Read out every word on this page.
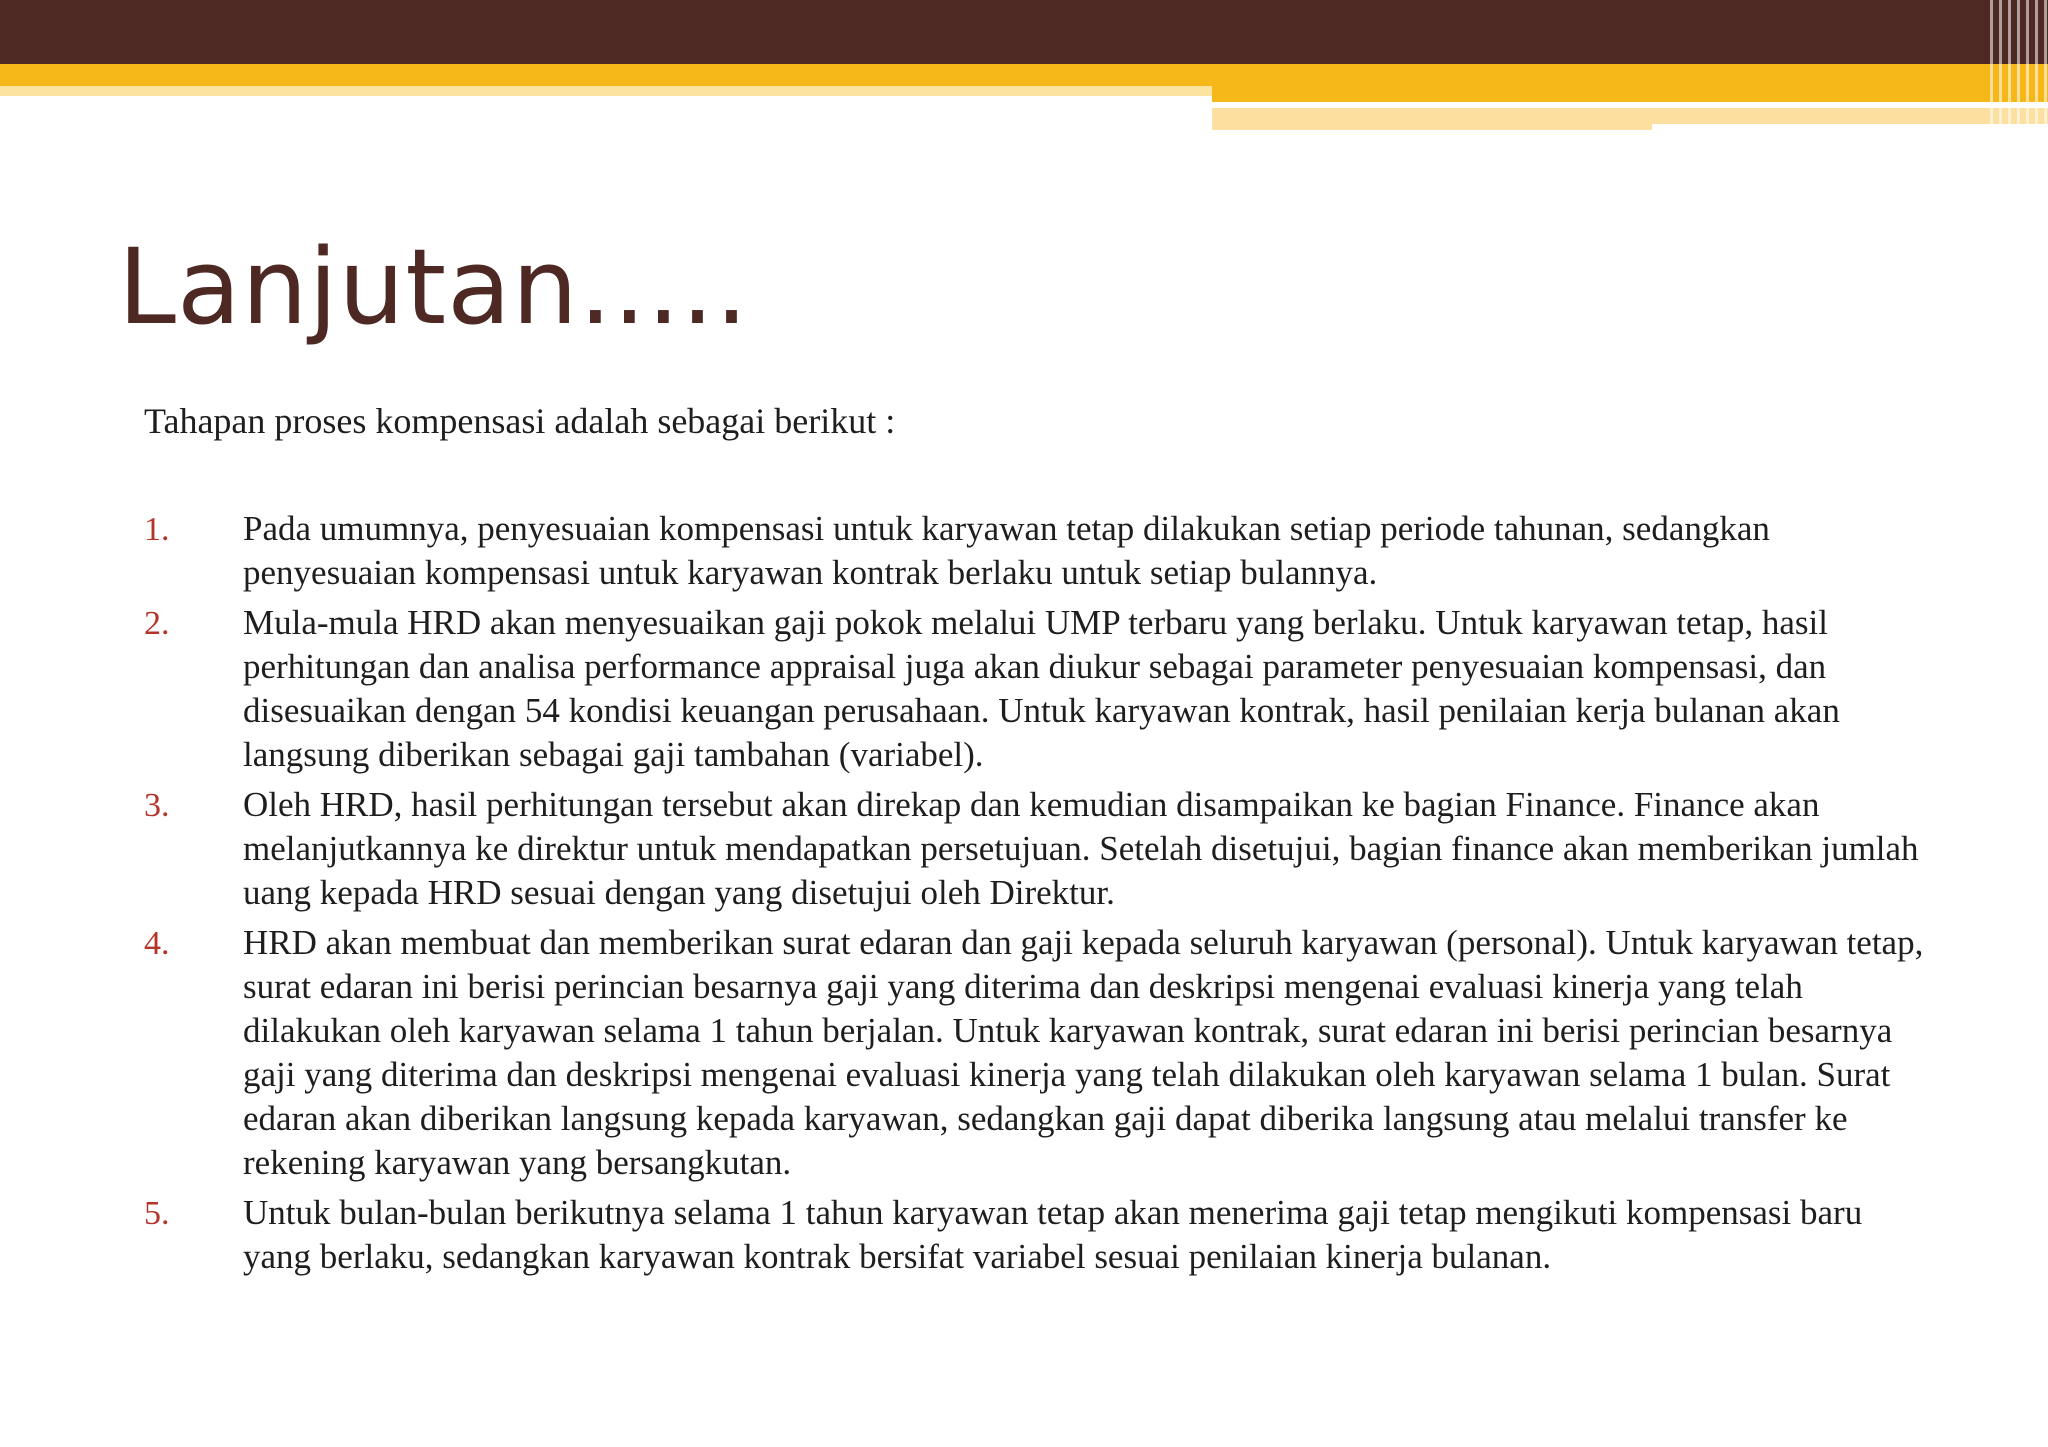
Lanjutan.....

Tahapan proses kompensasi adalah sebagai berikut :

1. Pada umumnya, penyesuaian kompensasi untuk karyawan tetap dilakukan setiap periode tahunan, sedangkan penyesuaian kompensasi untuk karyawan kontrak berlaku untuk setiap bulannya.
2. Mula-mula HRD akan menyesuaikan gaji pokok melalui UMP terbaru yang berlaku. Untuk karyawan tetap, hasil perhitungan dan analisa performance appraisal juga akan diukur sebagai parameter penyesuaian kompensasi, dan disesuaikan dengan 54 kondisi keuangan perusahaan. Untuk karyawan kontrak, hasil penilaian kerja bulanan akan langsung diberikan sebagai gaji tambahan (variabel).
3. Oleh HRD, hasil perhitungan tersebut akan direkap dan kemudian disampaikan ke bagian Finance. Finance akan melanjutkannya ke direktur untuk mendapatkan persetujuan. Setelah disetujui, bagian finance akan memberikan jumlah uang kepada HRD sesuai dengan yang disetujui oleh Direktur.
4. HRD akan membuat dan memberikan surat edaran dan gaji kepada seluruh karyawan (personal). Untuk karyawan tetap, surat edaran ini berisi perincian besarnya gaji yang diterima dan deskripsi mengenai evaluasi kinerja yang telah dilakukan oleh karyawan selama 1 tahun berjalan. Untuk karyawan kontrak, surat edaran ini berisi perincian besarnya gaji yang diterima dan deskripsi mengenai evaluasi kinerja yang telah dilakukan oleh karyawan selama 1 bulan. Surat edaran akan diberikan langsung kepada karyawan, sedangkan gaji dapat diberika langsung atau melalui transfer ke rekening karyawan yang bersangkutan.
5. Untuk bulan-bulan berikutnya selama 1 tahun karyawan tetap akan menerima gaji tetap mengikuti kompensasi baru yang berlaku, sedangkan karyawan kontrak bersifat variabel sesuai penilaian kinerja bulanan.
